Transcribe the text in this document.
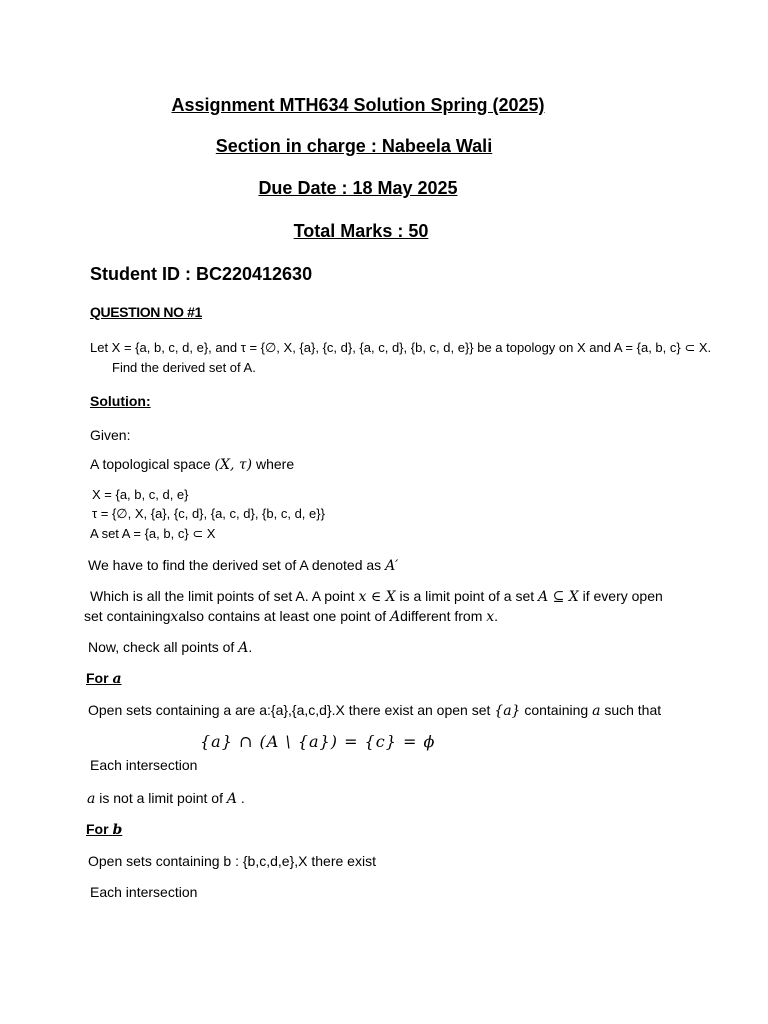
Assignment MTH634 Solution Spring (2025)
Section in charge : Nabeela Wali
Due Date : 18 May 2025
Total Marks : 50
Student ID : BC220412630
QUESTION NO #1
Let X = {a, b, c, d, e}, and τ = {∅, X, {a}, {c, d}, {a, c, d}, {b, c, d, e}} be a topology on X and A = {a, b, c} ⊂ X.
Find the derived set of A.
Solution:
Given:
A topological space (X, τ) where
X = {a, b, c, d, e}
τ = {∅, X, {a}, {c, d}, {a, c, d}, {b, c, d, e}}
A set A = {a, b, c} ⊂ X
We have to find the derived set of A denoted as A′
Which is all the limit points of set A. A point x ∈ X is a limit point of a set A ⊆ X if every open
set containingxalso contains at least one point of Adifferent from x.
Now, check all points of A.
For a
Open sets containing a are a:{a},{a,c,d}.X there exist an open set {a} containing a such that
{a} ∩ (A \ {a}) = {c} = ϕ
Each intersection
a is not a limit point of A .
For b
Open sets containing b : {b,c,d,e},X there exist
Each intersection
